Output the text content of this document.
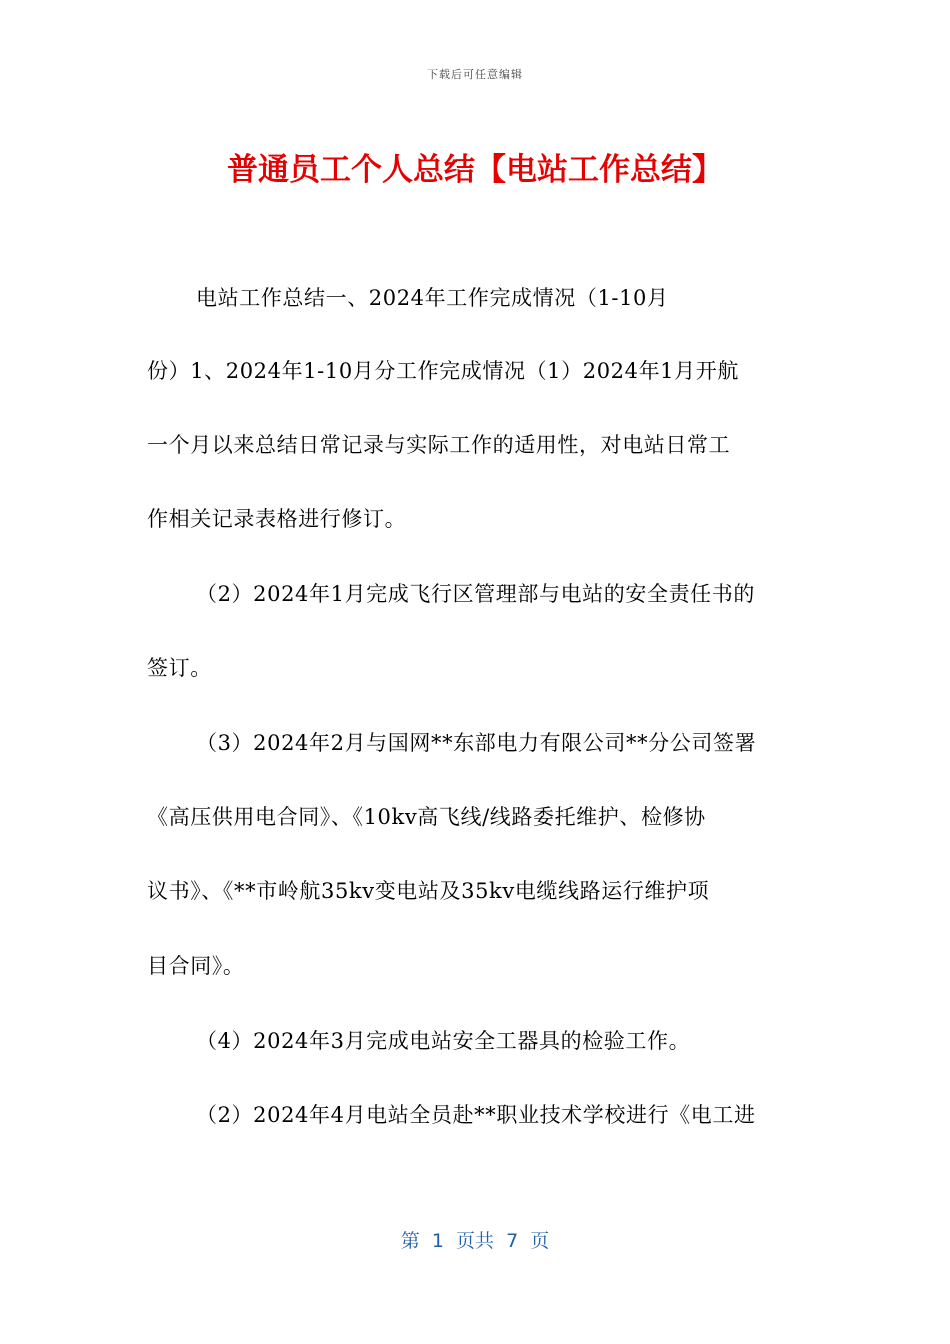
下载后可任意编辑
普通员工个人总结【电站工作总结】
电站工作总结一、2024年工作完成情况（1-10月
份）1、2024年1-10月分工作完成情况（1）2024年1月开航
一个月以来总结日常记录与实际工作的适用性，对电站日常工
作相关记录表格进行修订。
（2）2024年1月完成飞行区管理部与电站的安全责任书的
签订。
（3）2024年2月与国网**东部电力有限公司**分公司签署
《高压供用电合同》、《10kv高飞线/线路委托维护、检修协
议书》、《**市岭航35kv变电站及35kv电缆线路运行维护项
目合同》。
（4）2024年3月完成电站安全工器具的检验工作。
（2）2024年4月电站全员赴**职业技术学校进行《电工进
第  1  页共  7  页
